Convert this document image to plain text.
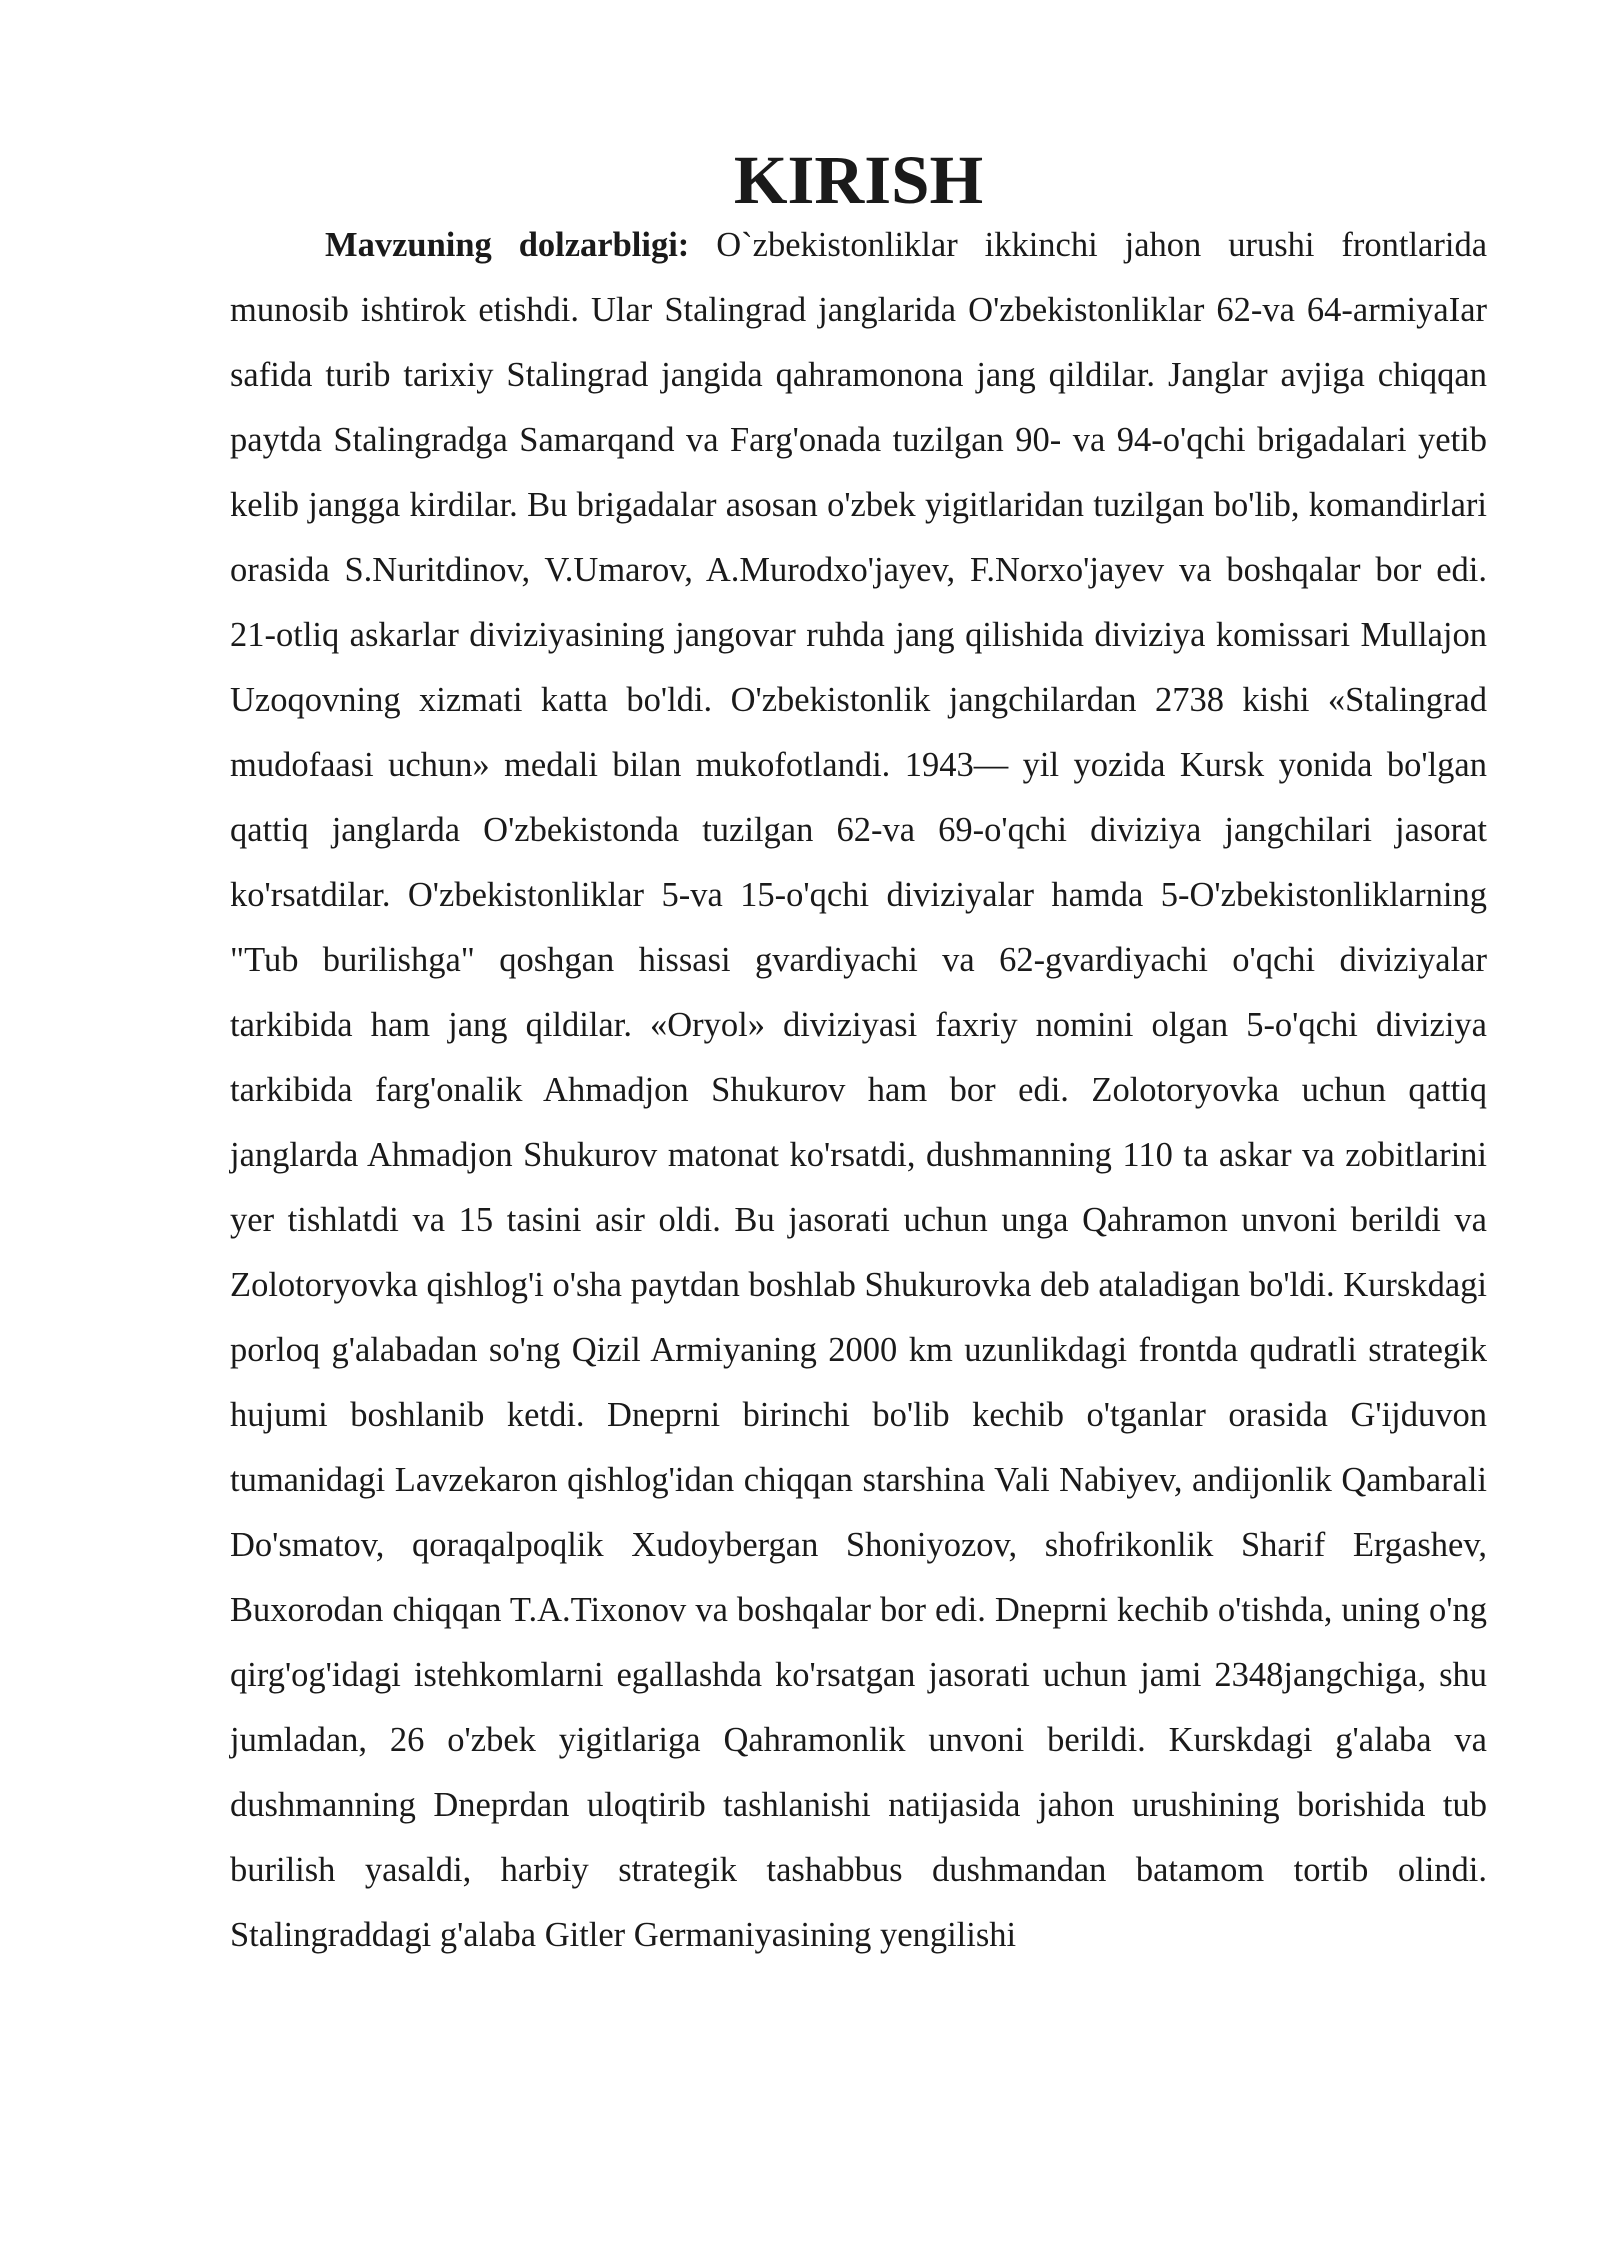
KIRISH

Mavzuning dolzarbligi: O`zbekistonliklar ikkinchi jahon urushi frontlarida munosib ishtirok etishdi. Ular Stalingrad janglarida O'zbekistonliklar 62-va 64-armiyaIar safida turib tarixiy Stalingrad jangida qahramonona jang qildilar. Janglar avjiga chiqqan paytda Stalingradga Samarqand va Farg'onada tuzilgan 90- va 94-o'qchi brigadalari yetib kelib jangga kirdilar. Bu brigadalar asosan o'zbek yigitlaridan tuzilgan bo'lib, komandirlari orasida S.Nuritdinov, V.Umarov, A.Murodxo'jayev, F.Norxo'jayev va boshqalar bor edi. 21-otliq askarlar diviziyasining jangovar ruhda jang qilishida diviziya komissari Mullajon Uzoqovning xizmati katta bo'ldi. O'zbekistonlik jangchilardan 2738 kishi «Stalingrad mudofaasi uchun» medali bilan mukofotlandi. 1943— yil yozida Kursk yonida bo'lgan qattiq janglarda O'zbekistonda tuzilgan 62-va 69-o'qchi diviziya jangchilari jasorat ko'rsatdilar. O'zbekistonliklar 5-va 15-o'qchi diviziyalar hamda 5-O'zbekistonliklarning "Tub burilishga" qoshgan hissasi gvardiyachi va 62-gvardiyachi o'qchi diviziyalar tarkibida ham jang qildilar. «Oryol» diviziyasi faxriy nomini olgan 5-o'qchi diviziya tarkibida farg'onalik Ahmadjon Shukurov ham bor edi. Zolotoryovka uchun qattiq janglarda Ahmadjon Shukurov matonat ko'rsatdi, dushmanning 110 ta askar va zobitlarini yer tishlatdi va 15 tasini asir oldi. Bu jasorati uchun unga Qahramon unvoni berildi va Zolotoryovka qishlog'i o'sha paytdan boshlab Shukurovka deb ataladigan bo'ldi. Kurskdagi porloq g'alabadan so'ng Qizil Armiyaning 2000 km uzunlikdagi frontda qudratli strategik hujumi boshlanib ketdi. Dneprni birinchi bo'lib kechib o'tganlar orasida G'ijduvon tumanidagi Lavzekaron qishlog'idan chiqqan starshina Vali Nabiyev, andijonlik Qambarali Do'smatov, qoraqalpoqlik Xudoybergan Shoniyozov, shofrikonlik Sharif Ergashev, Buxorodan chiqqan T.A.Tixonov va boshqalar bor edi. Dneprni kechib o'tishda, uning o'ng qirg'og'idagi istehkomlarni egallashda ko'rsatgan jasorati uchun jami 2348jangchiga, shu jumladan, 26 o'zbek yigitlariga Qahramonlik unvoni berildi. Kurskdagi g'alaba va dushmanning Dneprdan uloqtirib tashlanishi natijasida jahon urushining borishida tub burilish yasaldi, harbiy strategik tashabbus dushmandan batamom tortib olindi. Stalingraddagi g'alaba Gitler Germaniyasining yengilishi
